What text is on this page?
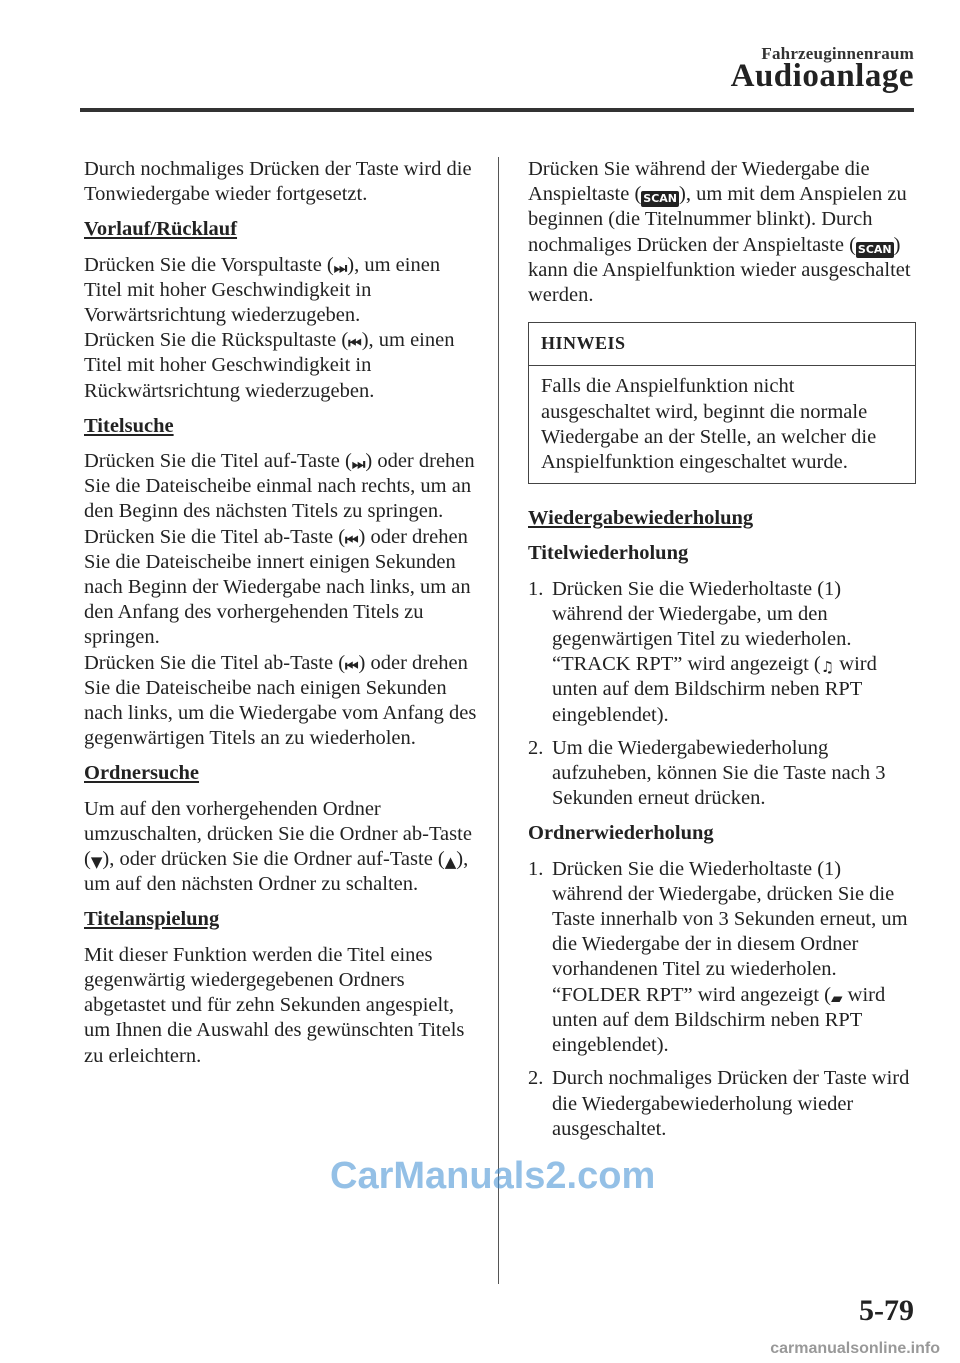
Fahrzeuginnenraum
Audioanlage

Durch nochmaliges Drücken der Taste wird die Tonwiedergabe wieder fortgesetzt.

Vorlauf/Rücklauf

Drücken Sie die Vorspultaste (⏭), um einen Titel mit hoher Geschwindigkeit in Vorwärtsrichtung wiederzugeben.
Drücken Sie die Rückspultaste (⏮), um einen Titel mit hoher Geschwindigkeit in Rückwärtsrichtung wiederzugeben.

Titelsuche

Drücken Sie die Titel auf-Taste (⏭) oder drehen Sie die Dateischeibe einmal nach rechts, um an den Beginn des nächsten Titels zu springen.
Drücken Sie die Titel ab-Taste (⏮) oder drehen Sie die Dateischeibe innert einigen Sekunden nach Beginn der Wiedergabe nach links, um an den Anfang des vorhergehenden Titels zu springen.
Drücken Sie die Titel ab-Taste (⏮) oder drehen Sie die Dateischeibe nach einigen Sekunden nach links, um die Wiedergabe vom Anfang des gegenwärtigen Titels an zu wiederholen.

Ordnersuche

Um auf den vorhergehenden Ordner umzuschalten, drücken Sie die Ordner ab-Taste (▼), oder drücken Sie die Ordner auf-Taste (▲), um auf den nächsten Ordner zu schalten.

Titelanspielung

Mit dieser Funktion werden die Titel eines gegenwärtig wiedergegebenen Ordners abgetastet und für zehn Sekunden angespielt, um Ihnen die Auswahl des gewünschten Titels zu erleichtern.

Drücken Sie während der Wiedergabe die Anspieltaste ( SCAN), um mit dem Anspielen zu beginnen (die Titelnummer blinkt). Durch nochmaliges Drücken der Anspieltaste ( SCAN) kann die Anspielfunktion wieder ausgeschaltet werden.

HINWEIS
Falls die Anspielfunktion nicht ausgeschaltet wird, beginnt die normale Wiedergabe an der Stelle, an welcher die Anspielfunktion eingeschaltet wurde.
Wiedergabewiederholung
Titelwiederholung
1. Drücken Sie die Wiederholtaste (1) während der Wiedergabe, um den gegenwärtigen Titel zu wiederholen. “TRACK RPT” wird angezeigt (♫ wird unten auf dem Bildschirm neben RPT eingeblendet).
2. Um die Wiedergabewiederholung aufzuheben, können Sie die Taste nach 3 Sekunden erneut drücken.
Ordnerwiederholung
1. Drücken Sie die Wiederholtaste (1) während der Wiedergabe, drücken Sie die Taste innerhalb von 3 Sekunden erneut, um die Wiedergabe der in diesem Ordner vorhandenen Titel zu wiederholen. “FOLDER RPT” wird angezeigt (▰ wird unten auf dem Bildschirm neben RPT eingeblendet).
2. Durch nochmaliges Drücken der Taste wird die Wiedergabewiederholung wieder ausgeschaltet.
CarManuals2.com
5-79
carmanualsonline.info
